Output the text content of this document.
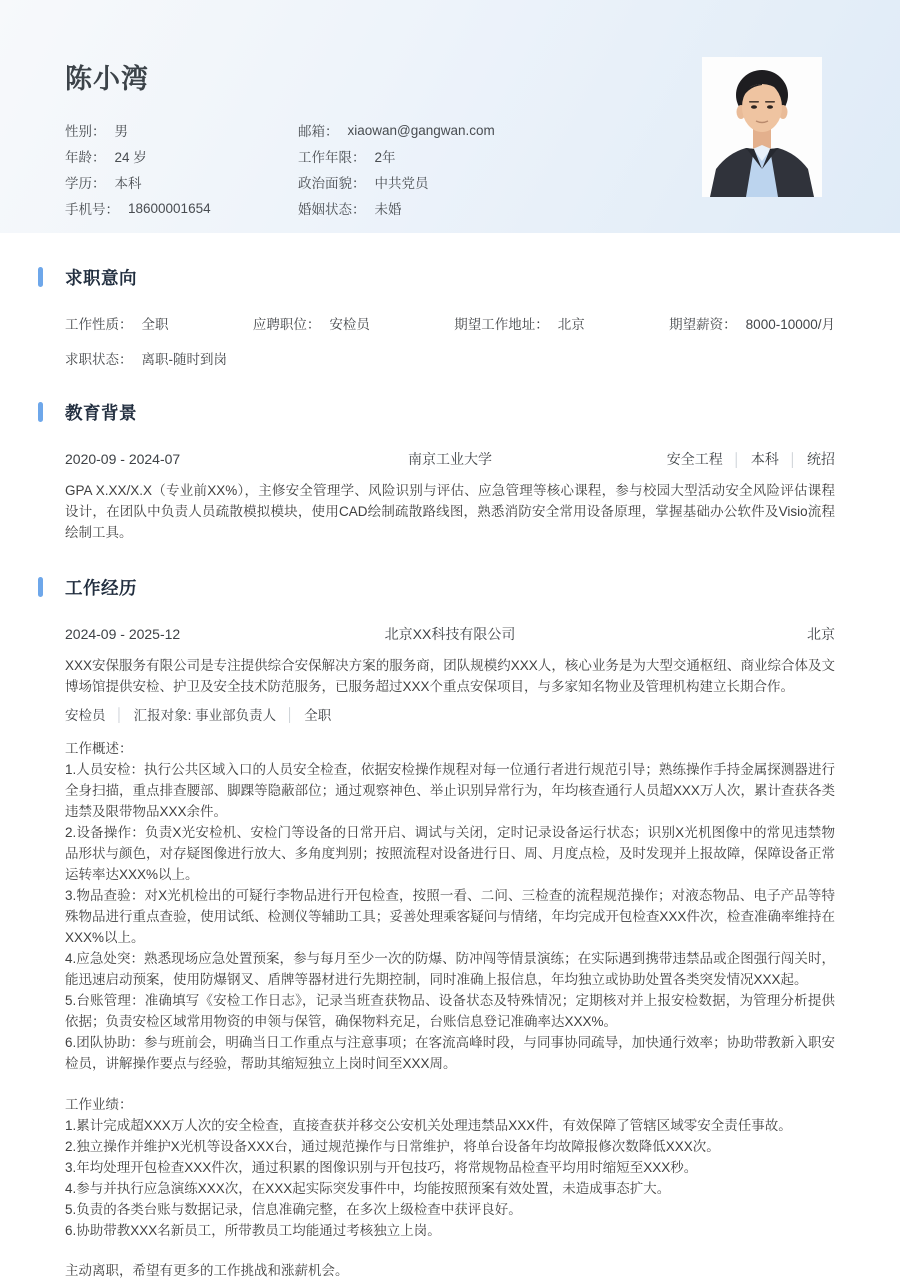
陈小湾
性别： 男
年龄： 24 岁
学历： 本科
手机号： 18600001654
邮箱： xiaowan@gangwan.com
工作年限： 2年
政治面貌： 中共党员
婚姻状态： 未婚
求职意向
工作性质： 全职	应聘职位： 安检员	期望工作地址： 北京	期望薪资： 8000-10000/月
求职状态： 离职-随时到岗
教育背景
2020-09 - 2024-07	南京工业大学	安全工程 │ 本科 │ 统招

GPA X.XX/X.X（专业前XX%），主修安全管理学、风险识别与评估、应急管理等核心课程，参与校园大型活动安全风险评估课程设计，在团队中负责人员疏散模拟模块，使用CAD绘制疏散路线图，熟悉消防安全常用设备原理，掌握基础办公软件及Visio流程绘制工具。

工作经历
2024-09 - 2025-12	北京XX科技有限公司	北京

XXX安保服务有限公司是专注提供综合安保解决方案的服务商，团队规模约XXX人，核心业务是为大型交通枢纽、商业综合体及文博场馆提供安检、护卫及安全技术防范服务，已服务超过XXX个重点安保项目，与多家知名物业及管理机构建立长期合作。

安检员 │ 汇报对象: 事业部负责人 │ 全职

工作概述：

1.人员安检：执行公共区域入口的人员安全检查，依据安检操作规程对每一位通行者进行规范引导；熟练操作手持金属探测器进行全身扫描，重点排查腰部、脚踝等隐蔽部位；通过观察神色、举止识别异常行为，年均核查通行人员超XXX万人次，累计查获各类违禁及限带物品XXX余件。

2.设备操作：负责X光安检机、安检门等设备的日常开启、调试与关闭，定时记录设备运行状态；识别X光机图像中的常见违禁物品形状与颜色，对存疑图像进行放大、多角度判别；按照流程对设备进行日、周、月度点检，及时发现并上报故障，保障设备正常运转率达XXX%以上。

3.物品查验：对X光机检出的可疑行李物品进行开包检查，按照一看、二问、三检查的流程规范操作；对液态物品、电子产品等特殊物品进行重点查验，使用试纸、检测仪等辅助工具；妥善处理乘客疑问与情绪，年均完成开包检查XXX件次，检查准确率维持在XXX%以上。

4.应急处突：熟悉现场应急处置预案，参与每月至少一次的防爆、防冲闯等情景演练；在实际遇到携带违禁品或企图强行闯关时，能迅速启动预案，使用防爆钢叉、盾牌等器材进行先期控制，同时准确上报信息，年均独立或协助处置各类突发情况XXX起。

5.台账管理：准确填写《安检工作日志》，记录当班查获物品、设备状态及特殊情况；定期核对并上报安检数据，为管理分析提供依据；负责安检区域常用物资的申领与保管，确保物料充足，台账信息登记准确率达XXX%。

6.团队协助：参与班前会，明确当日工作重点与注意事项；在客流高峰时段，与同事协同疏导，加快通行效率；协助带教新入职安检员，讲解操作要点与经验，帮助其缩短独立上岗时间至XXX周。

工作业绩：

1.累计完成超XXX万人次的安全检查，直接查获并移交公安机关处理违禁品XXX件，有效保障了管辖区域零安全责任事故。

2.独立操作并维护X光机等设备XXX台，通过规范操作与日常维护，将单台设备年均故障报修次数降低XXX次。

3.年均处理开包检查XXX件次，通过积累的图像识别与开包技巧，将常规物品检查平均用时缩短至XXX秒。

4.参与并执行应急演练XXX次，在XXX起实际突发事件中，均能按照预案有效处置，未造成事态扩大。

5.负责的各类台账与数据记录，信息准确完整，在多次上级检查中获评良好。

6.协助带教XXX名新员工，所带教员工均能通过考核独立上岗。

主动离职，希望有更多的工作挑战和涨薪机会。
